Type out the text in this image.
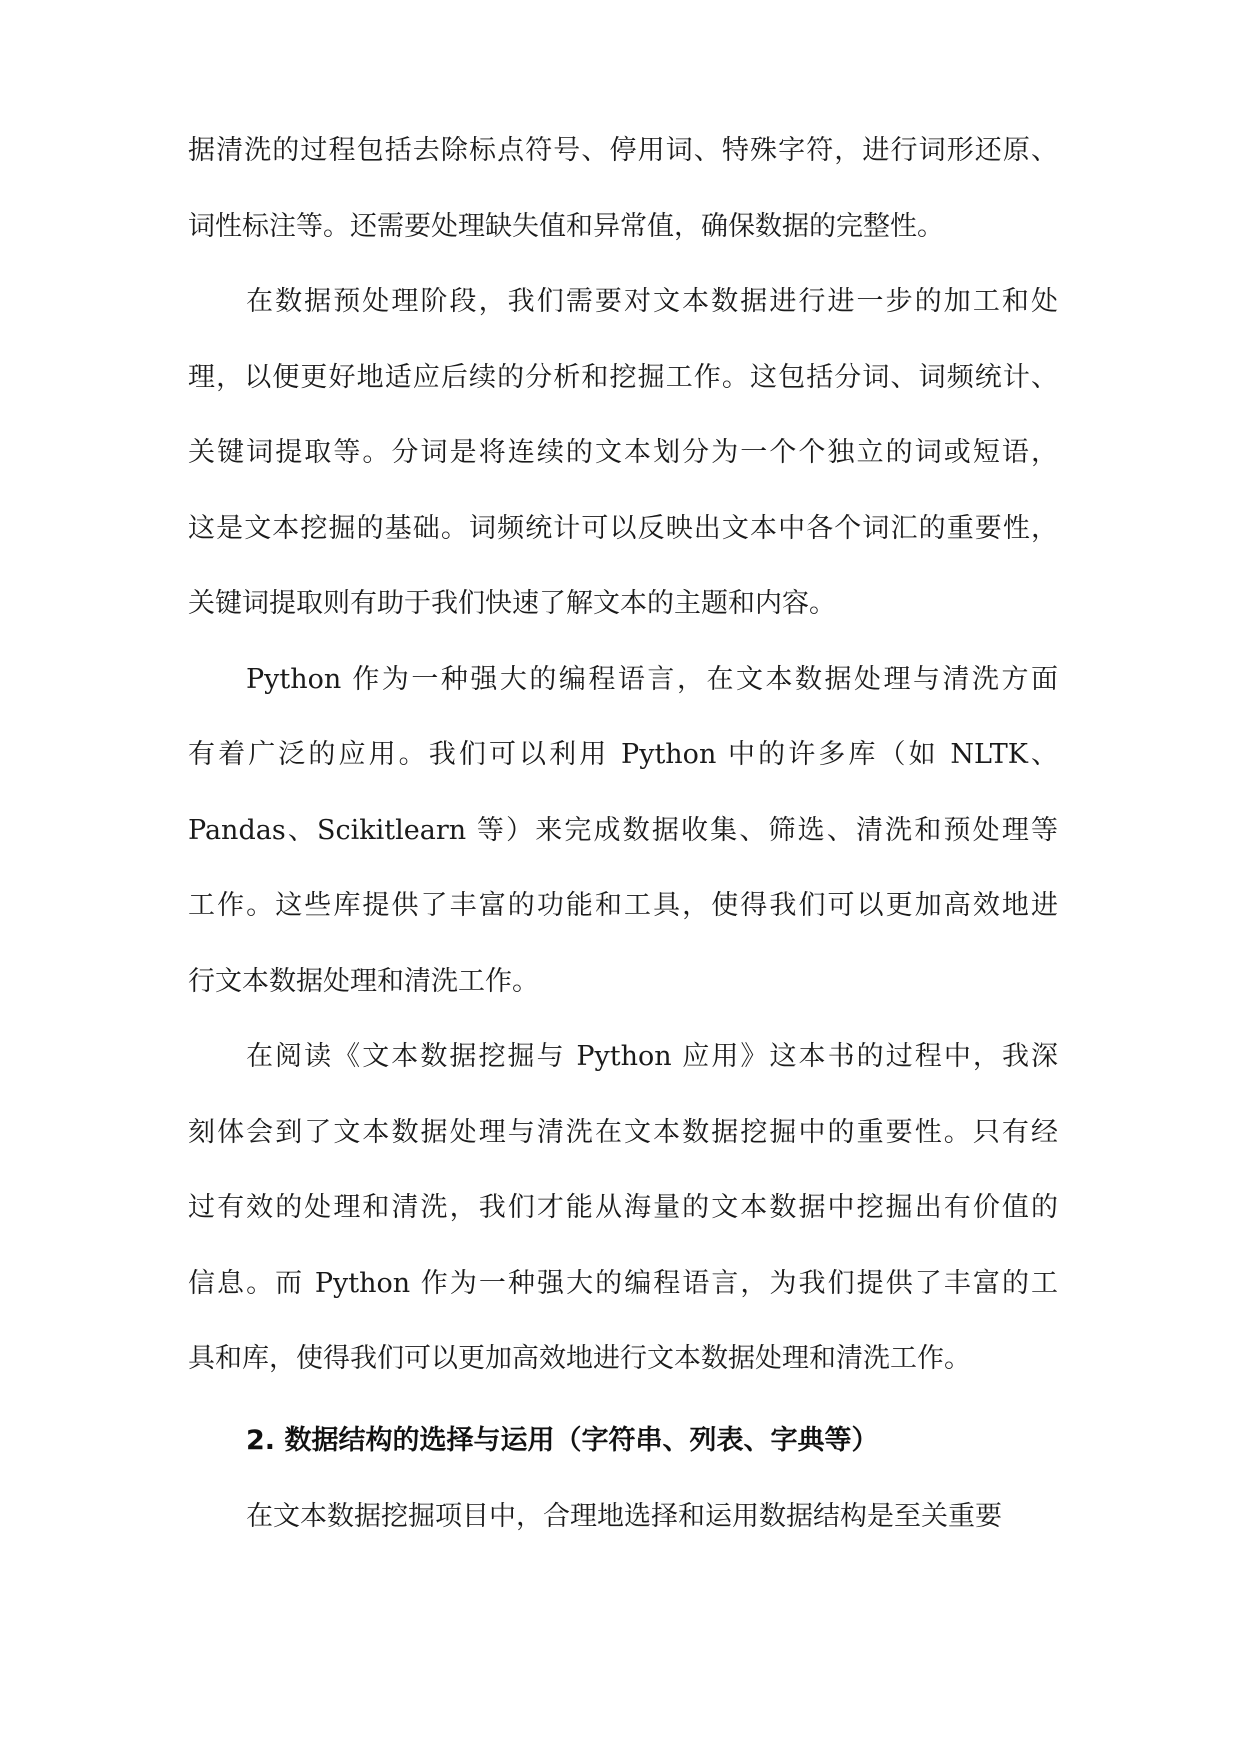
据清洗的过程包括去除标点符号、停用词、特殊字符，进行词形还原、
词性标注等。还需要处理缺失值和异常值，确保数据的完整性。
在数据预处理阶段，我们需要对文本数据进行进一步的加工和处
理，以便更好地适应后续的分析和挖掘工作。这包括分词、词频统计、
关键词提取等。分词是将连续的文本划分为一个个独立的词或短语，
这是文本挖掘的基础。词频统计可以反映出文本中各个词汇的重要性，
关键词提取则有助于我们快速了解文本的主题和内容。
Python 作为一种强大的编程语言，在文本数据处理与清洗方面
有着广泛的应用。我们可以利用 Python 中的许多库（如 NLTK、
Pandas、Scikitlearn 等）来完成数据收集、筛选、清洗和预处理等
工作。这些库提供了丰富的功能和工具，使得我们可以更加高效地进
行文本数据处理和清洗工作。
在阅读《文本数据挖掘与 Python 应用》这本书的过程中，我深
刻体会到了文本数据处理与清洗在文本数据挖掘中的重要性。只有经
过有效的处理和清洗，我们才能从海量的文本数据中挖掘出有价值的
信息。而 Python 作为一种强大的编程语言，为我们提供了丰富的工
具和库，使得我们可以更加高效地进行文本数据处理和清洗工作。
2. 数据结构的选择与运用（字符串、列表、字典等）
在文本数据挖掘项目中，合理地选择和运用数据结构是至关重要
